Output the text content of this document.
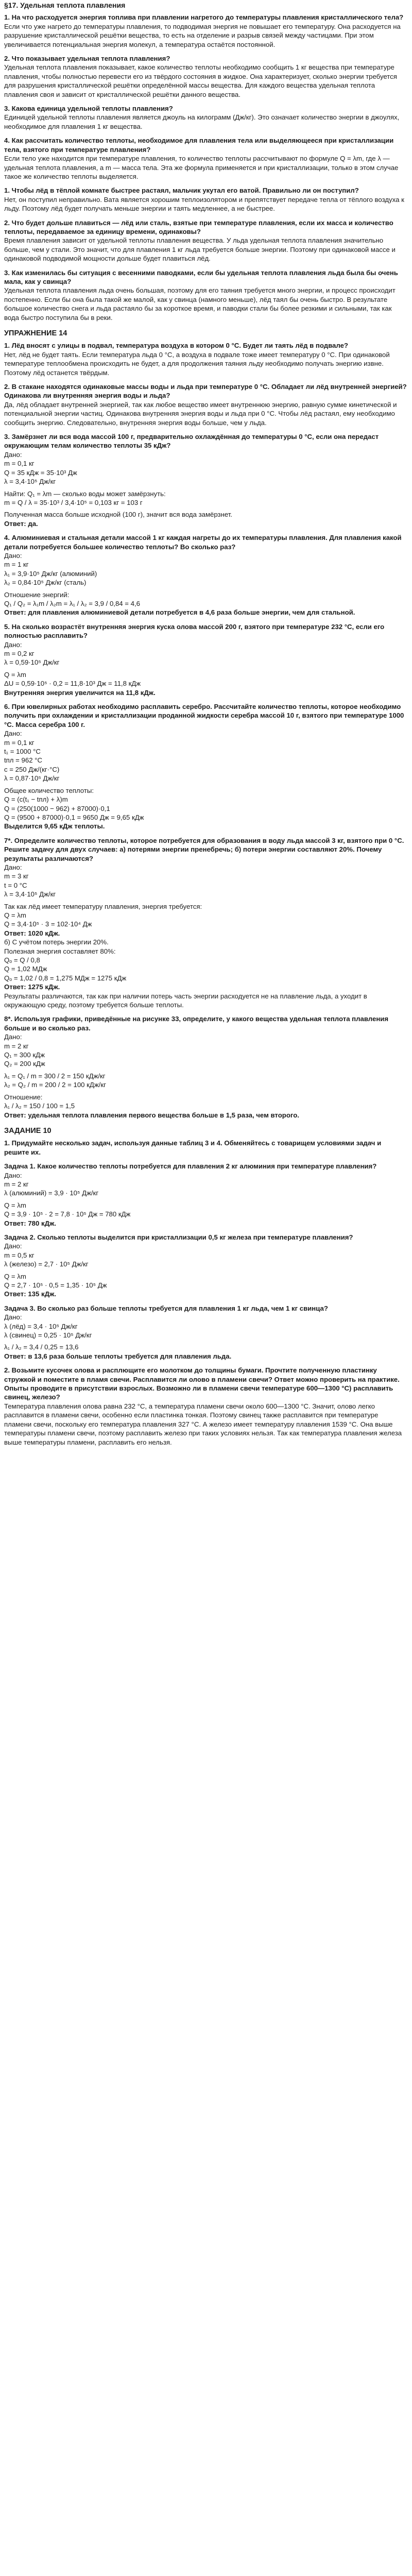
§17. Удельная теплота плавления
1. На что расходуется энергия топлива при плавлении нагретого до температуры плавления кристаллического тела?
Если что уже нагрето до температуры плавления, то подводимая энергия не повышает его температуру. Она расходуется на разрушение кристаллической решётки вещества, то есть на отделение и разрыв связей между частицами. При этом увеличивается потенциальная энергия молекул, а температура остаётся постоянной.
2. Что показывает удельная теплота плавления?
Удельная теплота плавления показывает, какое количество теплоты необходимо сообщить 1 кг вещества при температуре плавления, чтобы полностью перевести его из твёрдого состояния в жидкое. Она характеризует, сколько энергии требуется для разрушения кристаллической решётки определённой массы вещества. Для каждого вещества удельная теплота плавления своя и зависит от кристаллической решётки данного вещества.
3. Какова единица удельной теплоты плавления?
Единицей удельной теплоты плавления является джоуль на килограмм (Дж/кг). Это означает количество энергии в джоулях, необходимое для плавления 1 кг вещества.
4. Как рассчитать количество теплоты, необходимое для плавления тела или выделяющееся при кристаллизации тела, взятого при температуре плавления?
Если тело уже находится при температуре плавления, то количество теплоты рассчитывают по формуле Q = λm, где λ — удельная теплота плавления, а m — масса тела. Эта же формула применяется и при кристаллизации, только в этом случае такое же количество теплоты выделяется.
1. Чтобы лёд в тёплой комнате быстрее растаял, мальчик укутал его ватой. Правильно ли он поступил?
Нет, он поступил неправильно. Вата является хорошим теплоизолятором и препятствует передаче тепла от тёплого воздуха к льду. Поэтому лёд будет получать меньше энергии и таять медленнее, а не быстрее.
2. Что будет дольше плавиться — лёд или сталь, взятые при температуре плавления, если их масса и количество теплоты, передаваемое за единицу времени, одинаковы?
Время плавления зависит от удельной теплоты плавления вещества. У льда удельная теплота плавления значительно больше, чем у стали. Это значит, что для плавления 1 кг льда требуется больше энергии. Поэтому при одинаковой массе и одинаковой подводимой мощности дольше будет плавиться лёд.
3. Как изменилась бы ситуация с весенними паводками, если бы удельная теплота плавления льда была бы очень мала, как у свинца?
Удельная теплота плавления льда очень большая, поэтому для его таяния требуется много энергии, и процесс происходит постепенно. Если бы она была такой же малой, как у свинца (намного меньше), лёд таял бы очень быстро. В результате большое количество снега и льда растаяло бы за короткое время, и паводки стали бы более резкими и сильными, так как вода быстро поступила бы в реки.
УПРАЖНЕНИЕ 14
1. Лёд вносят с улицы в подвал, температура воздуха в котором 0 °С. Будет ли таять лёд в подвале?
Нет, лёд не будет таять. Если температура льда 0 °С, а воздуха в подвале тоже имеет температуру 0 °С. При одинаковой температуре теплообмена происходить не будет, а для продолжения таяния льду необходимо получать энергию извне. Поэтому лёд останется твёрдым.
2. В стакане находятся одинаковые массы воды и льда при температуре 0 °С. Обладает ли лёд внутренней энергией? Одинакова ли внутренняя энергия воды и льда?
Да, лёд обладает внутренней энергией, так как любое вещество имеет внутреннюю энергию, равную сумме кинетической и потенциальной энергии частиц. Одинакова внутренняя энергия воды и льда при 0 °С. Чтобы лёд растаял, ему необходимо сообщить энергию. Следовательно, внутренняя энергия воды больше, чем у льда.
3. Замёрзнет ли вся вода массой 100 г, предварительно охлаждённая до температуры 0 °С, если она передаст окружающим телам количество теплоты 35 кДж?
Дано:
m = 0,1 кг
Q = 35 кДж = 35·10³ Дж
λ = 3,4·10⁵ Дж/кг
Найти: Q₁ = λm — сколько воды может замёрзнуть:
m = Q / λ = 35·10³ / 3,4·10⁵ = 0,103 кг = 103 г
Полученная масса больше исходной (100 г), значит вся вода замёрзнет.
Ответ: да.
4. Алюминиевая и стальная детали массой 1 кг каждая нагреты до их температуры плавления. Для плавления какой детали потребуется большее количество теплоты? Во сколько раз?
Дано:
m = 1 кг
λ₁ = 3,9·10⁵ Дж/кг (алюминий)
λ₂ = 0,84·10⁵ Дж/кг (сталь)
Отношение энергий:
Q₁ / Q₂ = λ₁m / λ₂m = λ₁ / λ₂ = 3,9 / 0,84 = 4,6
Ответ: для плавления алюминиевой детали потребуется в 4,6 раза больше энергии, чем для стальной.
5. На сколько возрастёт внутренняя энергия куска олова массой 200 г, взятого при температуре 232 °С, если его полностью расплавить?
Дано:
m = 0,2 кг
λ = 0,59·10⁵ Дж/кг
Q = λm
ΔU = 0,59·10⁵ · 0,2 = 11,8·10³ Дж = 11,8 кДж
Внутренняя энергия увеличится на 11,8 кДж.
6. При ювелирных работах необходимо расплавить серебро. Рассчитайте количество теплоты, которое необходимо получить при охлаждении и кристаллизации проданной жидкости серебра массой 10 г, взятого при температуре 1000 °С. Масса серебра 100 г.
Дано:
m = 0,1 кг
t₁ = 1000 °С
tпл = 962 °С
с = 250 Дж/(кг·°С)
λ = 0,87·10⁵ Дж/кг
Общее количество теплоты:
Q = (c(t₁ − tпл) + λ)m
Q = (250(1000 − 962) + 87000)·0,1
Q = (9500 + 87000)·0,1 = 9650 Дж = 9,65 кДж
Выделится 9,65 кДж теплоты.
7*. Определите количество теплоты, которое потребуется для образования в воду льда массой 3 кг, взятого при 0 °С. Решите задачу для двух случаев: а) потерями энергии пренебречь; б) потери энергии составляют 20%. Почему результаты различаются?
Дано:
m = 3 кг
t = 0 °С
λ = 3,4·10⁵ Дж/кг
Так как лёд имеет температуру плавления, энергия требуется:
Q = λm
Q = 3,4·10⁵ · 3 = 102·10⁴ Дж
Ответ: 1020 кДж.
б) С учётом потерь энергии 20%.
Полезная энергия составляет 80%:
Qₒ = Q / 0,8
Q = 1,02 МДж
Qₒ = 1,02 / 0,8 = 1,275 МДж = 1275 кДж
Ответ: 1275 кДж.
Результаты различаются, так как при наличии потерь часть энергии расходуется не на плавление льда, а уходит в окружающую среду, поэтому требуется больше теплоты.
8*. Используя графики, приведённые на рисунке 33, определите, у какого вещества удельная теплота плавления больше и во сколько раз.
Дано:
m = 2 кг
Q₁ = 300 кДж
Q₂ = 200 кДж
λ₁ = Q₁ / m = 300 / 2 = 150 кДж/кг
λ₂ = Q₂ / m = 200 / 2 = 100 кДж/кг
Отношение:
λ₁ / λ₂ = 150 / 100 = 1,5
Ответ: удельная теплота плавления первого вещества больше в 1,5 раза, чем второго.
ЗАДАНИЕ 10
1. Придумайте несколько задач, используя данные таблиц 3 и 4. Обменяйтесь с товарищем условиями задач и решите их.
Задача 1. Какое количество теплоты потребуется для плавления 2 кг алюминия при температуре плавления?
Дано:
m = 2 кг
λ (алюминий) = 3,9 · 10⁵ Дж/кг
Q = λm
Q = 3,9 · 10⁵ · 2 = 7,8 · 10⁵ Дж = 780 кДж
Ответ: 780 кДж.
Задача 2. Сколько теплоты выделится при кристаллизации 0,5 кг железа при температуре плавления?
Дано:
m = 0,5 кг
λ (железо) = 2,7 · 10⁵ Дж/кг
Q = λm
Q = 2,7 · 10⁵ · 0,5 = 1,35 · 10⁵ Дж
Ответ: 135 кДж.
Задача 3. Во сколько раз больше теплоты требуется для плавления 1 кг льда, чем 1 кг свинца?
Дано:
λ (лёд) = 3,4 · 10⁵ Дж/кг
λ (свинец) = 0,25 · 10⁵ Дж/кг
λ₁ / λ₂ = 3,4 / 0,25 = 13,6
Ответ: в 13,6 раза больше теплоты требуется для плавления льда.
2. Возьмите кусочек олова и расплющите его молотком до толщины бумаги. Прочтите полученную пластинку стружкой и поместите в пламя свечи. Расплавится ли олово в пламени свечи? Ответ можно проверить на практике. Опыты проводите в присутствии взрослых. Возможно ли в пламени свечи температуре 600—1300 °С) расплавить свинец, железо?
Температура плавления олова равна 232 °С, а температура пламени свечи около 600—1300 °С. Значит, олово легко расплавится в пламени свечи, особенно если пластинка тонкая. Поэтому свинец также расплавится при температуре пламени свечи, поскольку его температура плавления 327 °С. А железо имеет температуру плавления 1539 °С. Она выше температуры пламени свечи, поэтому расплавить железо при таких условиях нельзя. Так как температура плавления железа выше температуры пламени, расплавить его нельзя.
